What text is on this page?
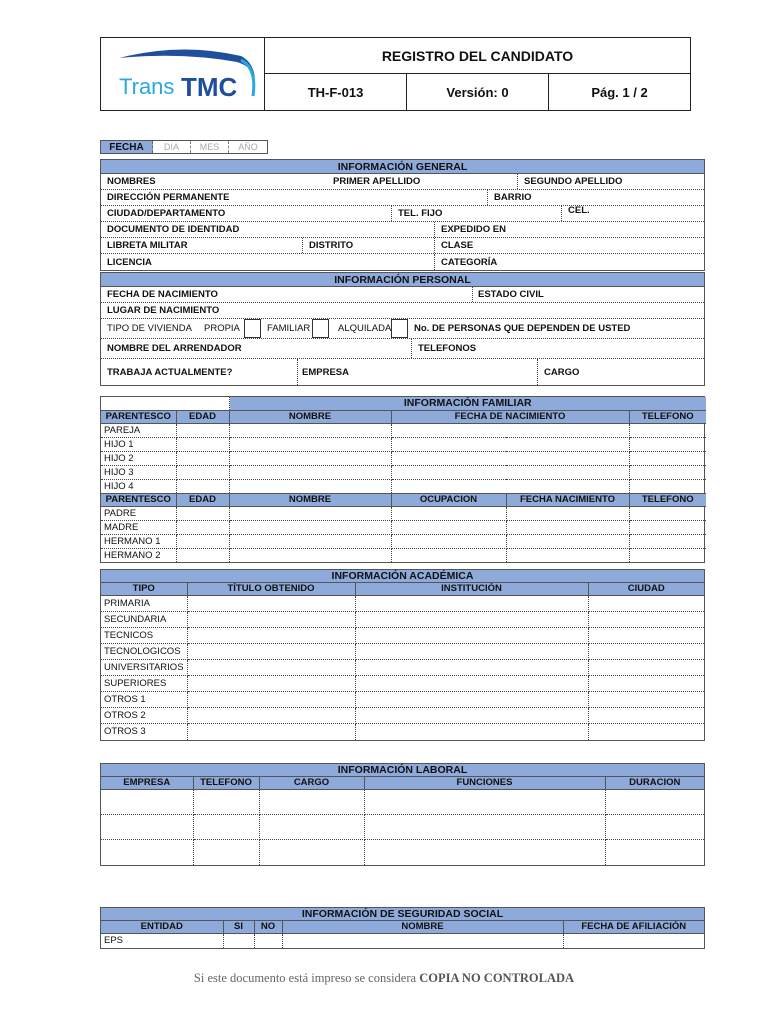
Trans TMC
REGISTRO DEL CANDIDATO
TH-F-013	Versión: 0	Pág. 1 / 2
FECHA	DIA	MES	AÑO
INFORMACIÓN GENERAL
NOMBRES	PRIMER APELLIDO	SEGUNDO APELLIDO
DIRECCIÓN PERMANENTE	BARRIO
CIUDAD/DEPARTAMENTO	TEL. FIJO	CEL.
DOCUMENTO DE IDENTIDAD	EXPEDIDO EN
LIBRETA MILITAR	DISTRITO	CLASE
LICENCIA	CATEGORÍA
INFORMACIÓN PERSONAL
FECHA DE NACIMIENTO	ESTADO CIVIL
LUGAR DE NACIMIENTO
TIPO DE VIVIENDA PROPIA	FAMILIAR	ALQUILADA No. DE PERSONAS QUE DEPENDEN DE USTED
NOMBRE DEL ARRENDADOR	TELEFONOS
TRABAJA ACTUALMENTE?	EMPRESA	CARGO
		INFORMACIÓN FAMILIAR			
PARENTESCO	EDAD	NOMBRE	FECHA DE NACIMIENTO		TELEFONO
PAREJA					
HIJO 1					
HIJO 2					
HIJO 3					
HIJO 4					
PARENTESCO	EDAD	NOMBRE	OCUPACION	FECHA NACIMIENTO	TELEFONO
PADRE					
MADRE					
HERMANO 1					
HERMANO 2					
INFORMACIÓN ACADÉMICA
TIPO	TÍTULO OBTENIDO	INSTITUCIÓN	CIUDAD
PRIMARIA			
SECUNDARIA			
TECNICOS			
TECNOLOGICOS			
UNIVERSITARIOS			
SUPERIORES			
OTROS 1			
OTROS 2			
OTROS 3			
INFORMACIÓN LABORAL
EMPRESA	TELEFONO	CARGO	FUNCIONES	DURACION

INFORMACIÓN DE SEGURIDAD SOCIAL
ENTIDAD	SI	NO	NOMBRE	FECHA DE AFILIACIÓN
EPS				
Si este documento está impreso se considera COPIA NO CONTROLADA
